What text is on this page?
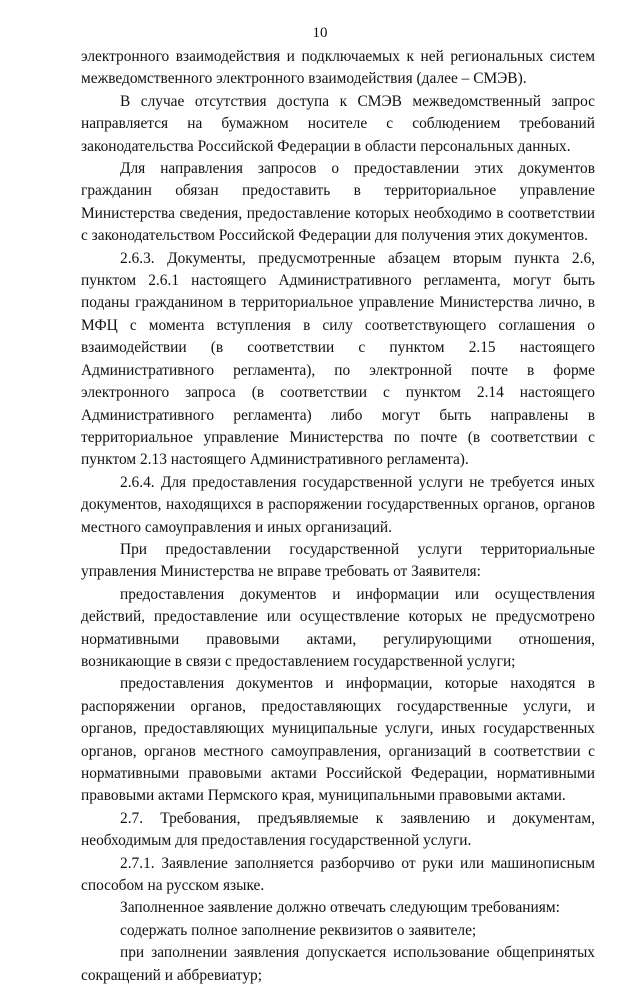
10

электронного взаимодействия и подключаемых к ней региональных систем межведомственного электронного взаимодействия (далее – СМЭВ).

В случае отсутствия доступа к СМЭВ межведомственный запрос направляется на бумажном носителе с соблюдением требований законодательства Российской Федерации в области персональных данных.

Для направления запросов о предоставлении этих документов гражданин обязан предоставить в территориальное управление Министерства сведения, предоставление которых необходимо в соответствии с законодательством Российской Федерации для получения этих документов.

2.6.3. Документы, предусмотренные абзацем вторым пункта 2.6, пунктом 2.6.1 настоящего Административного регламента, могут быть поданы гражданином в территориальное управление Министерства лично, в МФЦ с момента вступления в силу соответствующего соглашения о взаимодействии (в соответствии с пунктом 2.15 настоящего Административного регламента), по электронной почте в форме электронного запроса (в соответствии с пунктом 2.14 настоящего Административного регламента) либо могут быть направлены в территориальное управление Министерства по почте (в соответствии с пунктом 2.13 настоящего Административного регламента).

2.6.4. Для предоставления государственной услуги не требуется иных документов, находящихся в распоряжении государственных органов, органов местного самоуправления и иных организаций.

При предоставлении государственной услуги территориальные управления Министерства не вправе требовать от Заявителя:

предоставления документов и информации или осуществления действий, предоставление или осуществление которых не предусмотрено нормативными правовыми актами, регулирующими отношения, возникающие в связи с предоставлением государственной услуги;

предоставления документов и информации, которые находятся в распоряжении органов, предоставляющих государственные услуги, и органов, предоставляющих муниципальные услуги, иных государственных органов, органов местного самоуправления, организаций в соответствии с нормативными правовыми актами Российской Федерации, нормативными правовыми актами Пермского края, муниципальными правовыми актами.

2.7. Требования, предъявляемые к заявлению и документам, необходимым для предоставления государственной услуги.

2.7.1. Заявление заполняется разборчиво от руки или машинописным способом на русском языке.

Заполненное заявление должно отвечать следующим требованиям:

содержать полное заполнение реквизитов о заявителе;

при заполнении заявления допускается использование общепринятых сокращений и аббревиатур;
